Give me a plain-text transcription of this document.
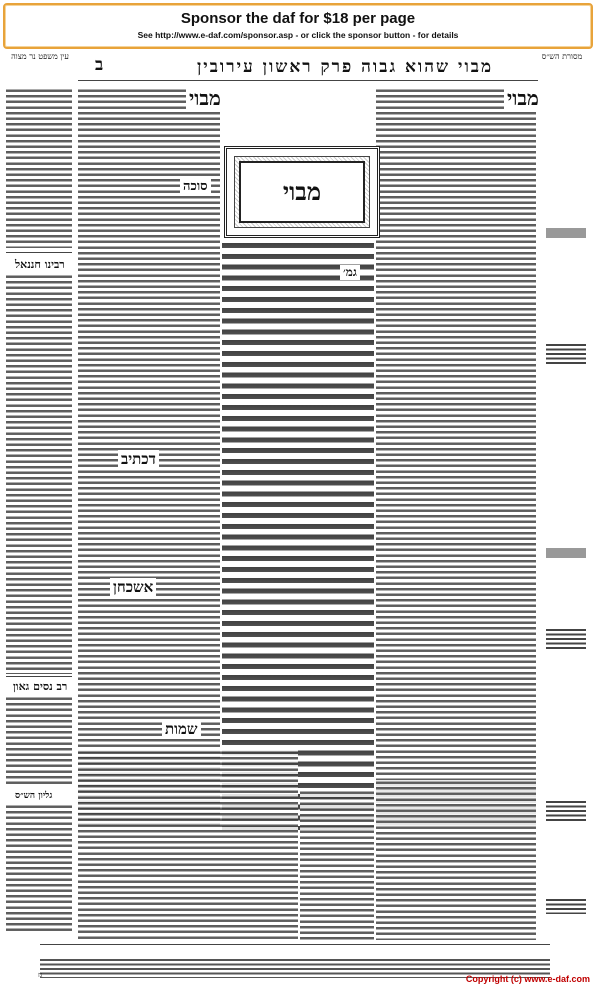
Sponsor the daf for $18 per page
See http://www.e-daf.com/sponsor.asp - or click the sponsor button - for details
מבוי שהוא גבוה פרק ראשון עירובין
ב	מסורת הש״ס
עין משפט נר מצוה
מבוי
מבוי
סוכה	מבוי
גמ׳
דכתיב
אשכחן
שמות
רבינו חננאל
רב נסים גאון
גליון הש״ס
גז	Copyright (c) www.e-daf.com
